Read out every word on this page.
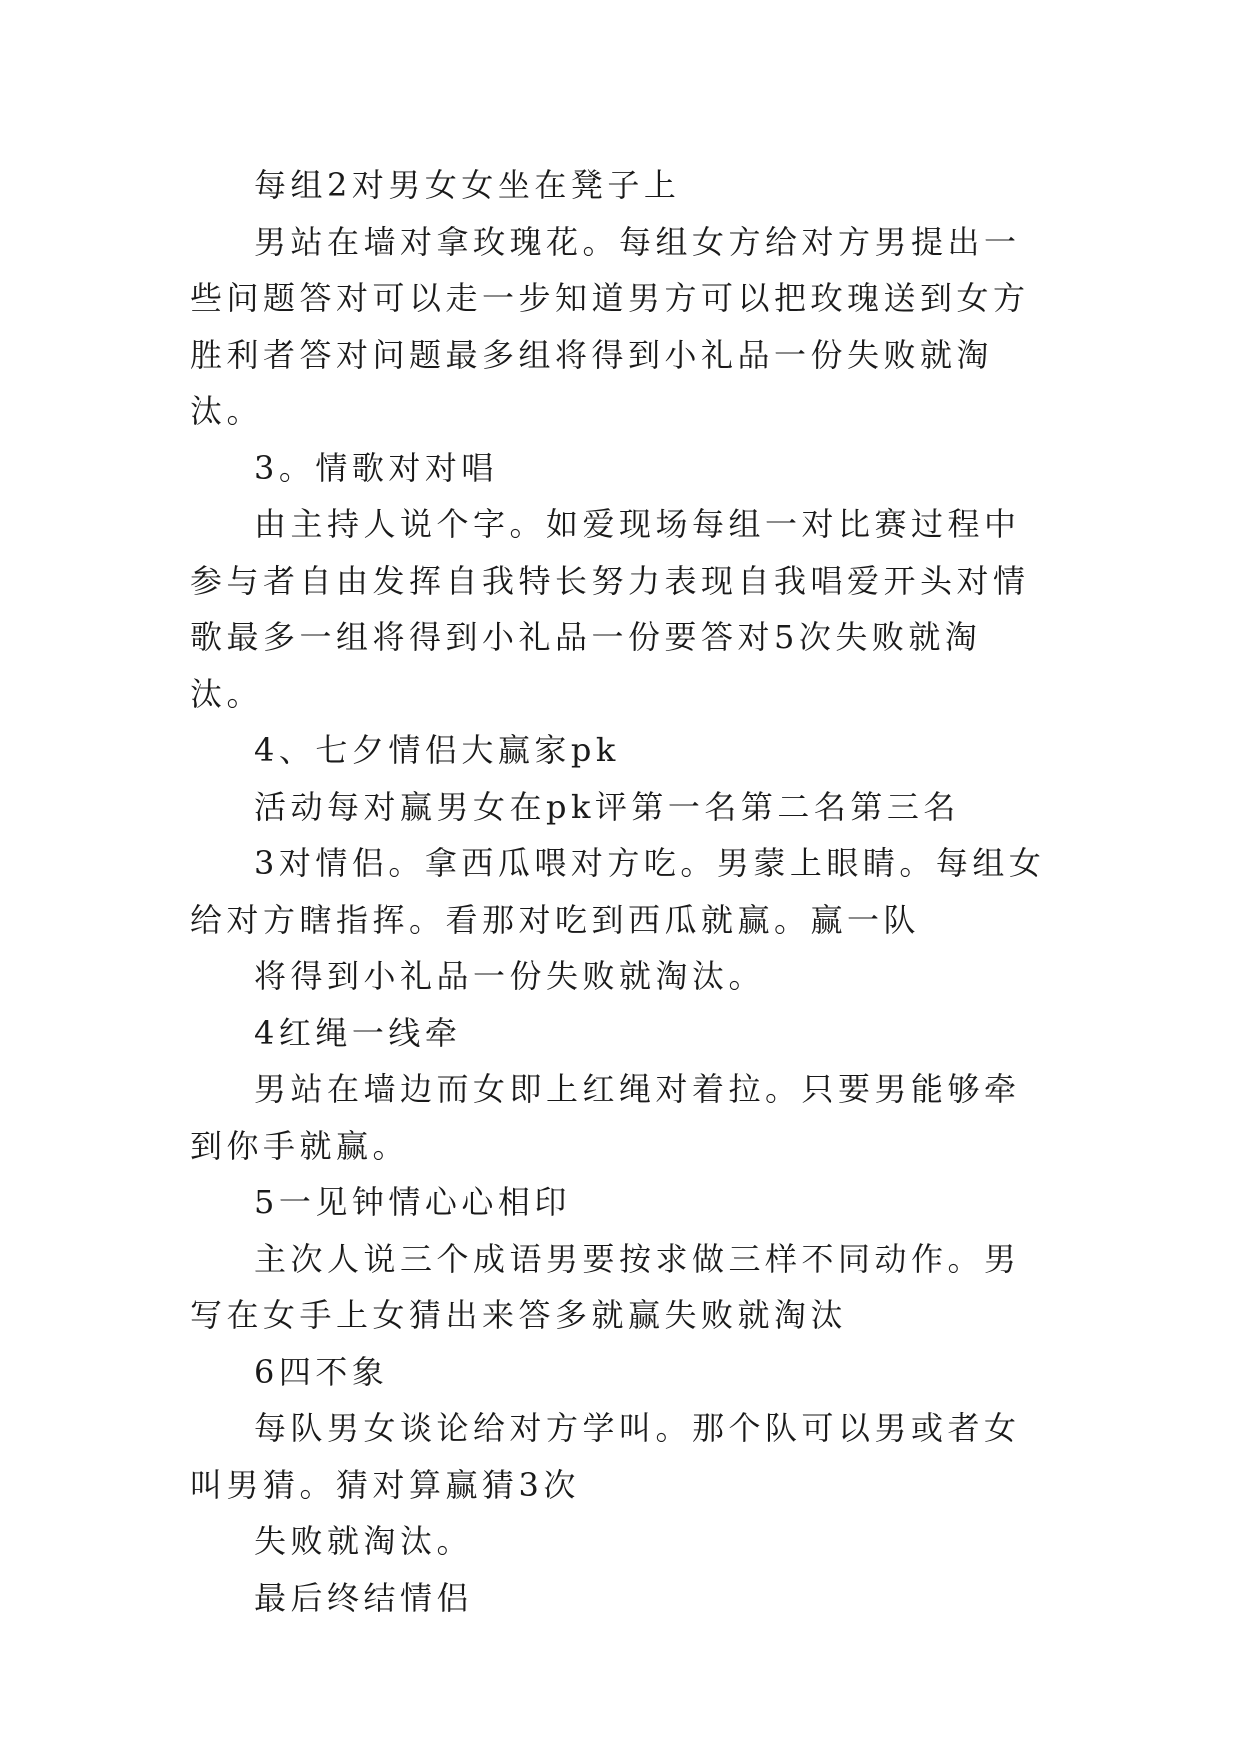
每组2对男女女坐在凳子上

男站在墙对拿玫瑰花。每组女方给对方男提出一些问题答对可以走一步知道男方可以把玫瑰送到女方胜利者答对问题最多组将得到小礼品一份失败就淘汰。

3。情歌对对唱

由主持人说个字。如爱现场每组一对比赛过程中参与者自由发挥自我特长努力表现自我唱爱开头对情歌最多一组将得到小礼品一份要答对5次失败就淘汰。

4、七夕情侣大赢家pk

活动每对赢男女在pk评第一名第二名第三名

3对情侣。拿西瓜喂对方吃。男蒙上眼睛。每组女给对方瞎指挥。看那对吃到西瓜就赢。赢一队

将得到小礼品一份失败就淘汰。

4红绳一线牵

男站在墙边而女即上红绳对着拉。只要男能够牵到你手就赢。

5一见钟情心心相印

主次人说三个成语男要按求做三样不同动作。男写在女手上女猜出来答多就赢失败就淘汰

6四不象

每队男女谈论给对方学叫。那个队可以男或者女叫男猜。猜对算赢猜3次

失败就淘汰。

最后终结情侣
